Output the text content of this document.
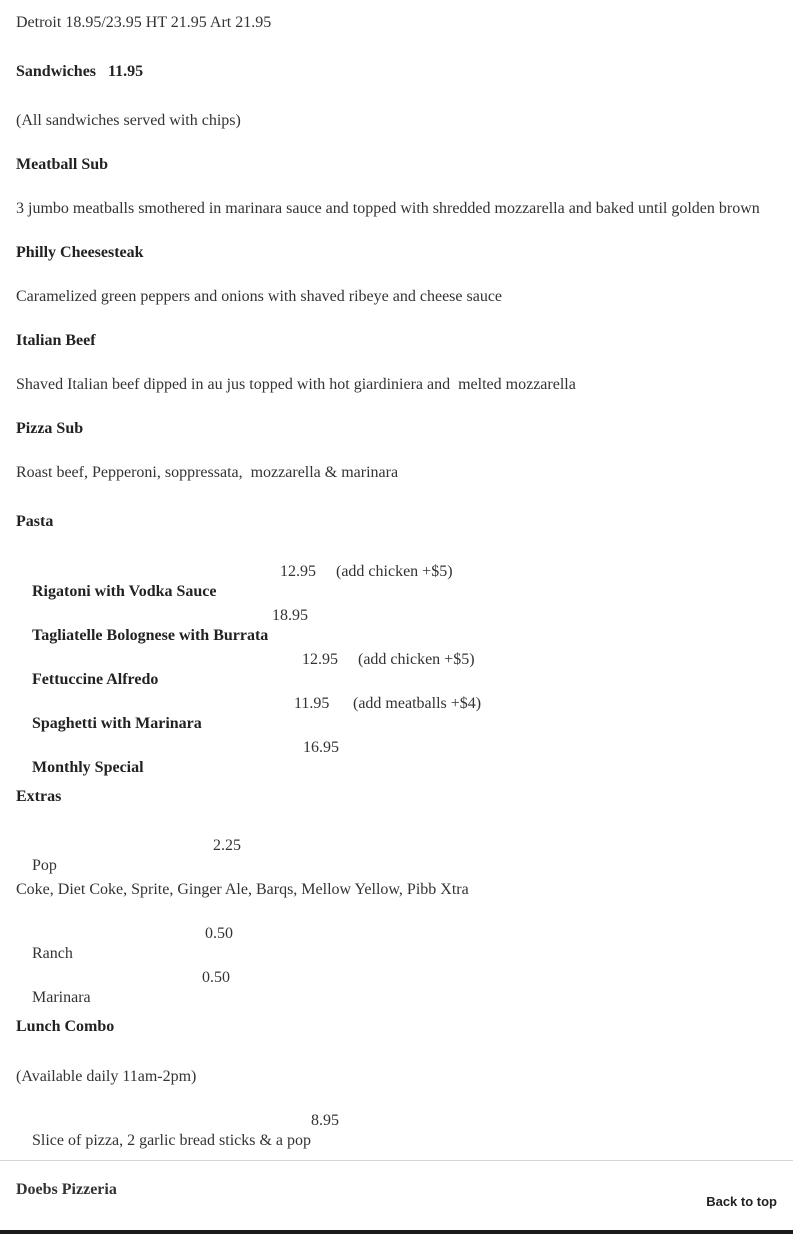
Detroit 18.95/23.95 HT 21.95 Art 21.95
Sandwiches 11.95
(All sandwiches served with chips)
Meatball Sub
3 jumbo meatballs smothered in marinara sauce and topped with shredded mozzarella and baked until golden brown
Philly Cheesesteak
Caramelized green peppers and onions with shaved ribeye and cheese sauce
Italian Beef
Shaved Italian beef dipped in au jus topped with hot giardiniera and  melted mozzarella
Pizza Sub
Roast beef, Pepperoni, soppressata,  mozzarella & marinara
Pasta

Rigatoni with Vodka Sauce

12.95

(add chicken +$5)

Tagliatelle Bolognese with Burrata

18.95

Fettuccine Alfredo

12.95

(add chicken +$5)

Spaghetti with Marinara

11.95

(add meatballs +$4)

Monthly Special

16.95

Extras

Pop

2.25

Coke, Diet Coke, Sprite, Ginger Ale, Barqs, Mellow Yellow, Pibb Xtra

Ranch

0.50

Marinara

0.50

Lunch Combo
(Available daily 11am-2pm)

Slice of pizza, 2 garlic bread sticks & a pop

8.95

Doebs Pizzeria
Back to top
